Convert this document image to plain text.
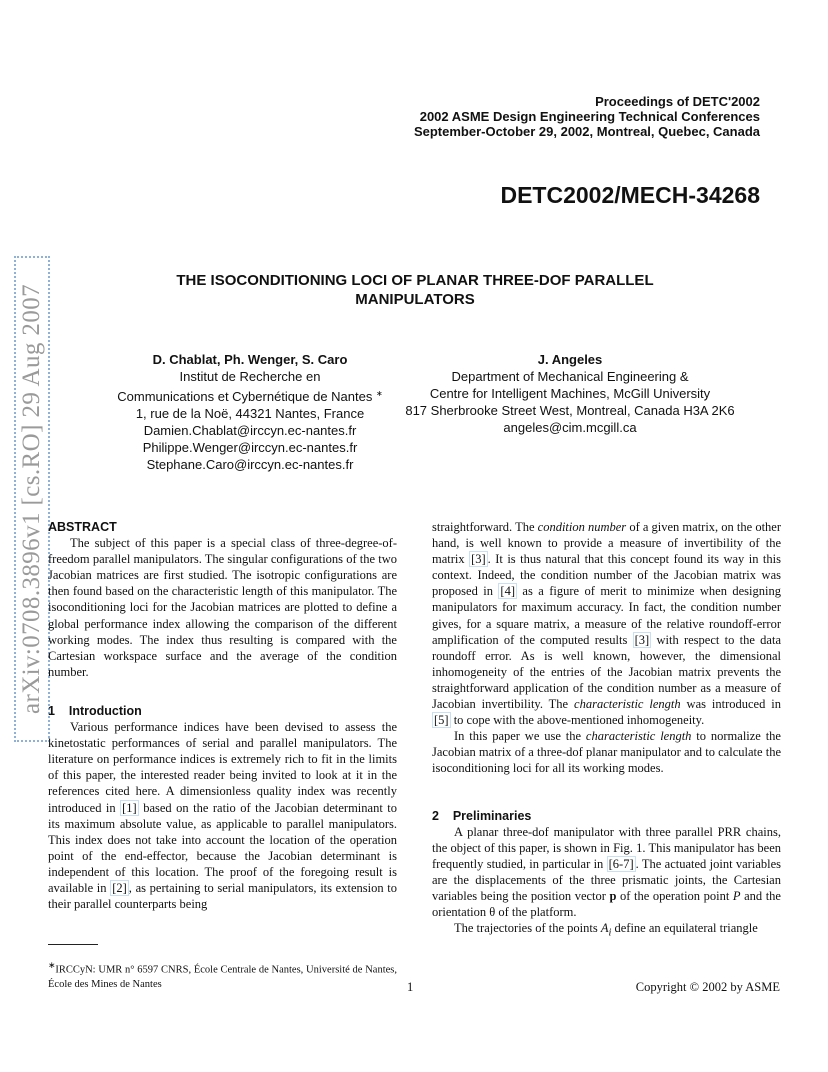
arXiv:0708.3896v1 [cs.RO] 29 Aug 2007
Proceedings of DETC'2002
2002 ASME Design Engineering Technical Conferences
September-October 29, 2002, Montreal, Quebec, Canada
DETC2002/MECH-34268
THE ISOCONDITIONING LOCI OF PLANAR THREE-DOF PARALLEL
MANIPULATORS
D. Chablat, Ph. Wenger, S. Caro
Institut de Recherche en
Communications et Cybernétique de Nantes ∗
1, rue de la Noë, 44321 Nantes, France
Damien.Chablat@irccyn.ec-nantes.fr
Philippe.Wenger@irccyn.ec-nantes.fr
Stephane.Caro@irccyn.ec-nantes.fr
J. Angeles
Department of Mechanical Engineering &
Centre for Intelligent Machines, McGill University
817 Sherbrooke Street West, Montreal, Canada H3A 2K6
angeles@cim.mcgill.ca
ABSTRACT

The subject of this paper is a special class of three-degree-of-freedom parallel manipulators. The singular configurations of the two Jacobian matrices are first studied. The isotropic configurations are then found based on the characteristic length of this manipulator. The isoconditioning loci for the Jacobian matrices are plotted to define a global performance index allowing the comparison of the different working modes. The index thus resulting is compared with the Cartesian workspace surface and the average of the condition number.

1    Introduction

Various performance indices have been devised to assess the kinetostatic performances of serial and parallel manipulators. The literature on performance indices is extremely rich to fit in the limits of this paper, the interested reader being invited to look at it in the references cited here. A dimensionless quality index was recently introduced in [1] based on the ratio of the Jacobian determinant to its maximum absolute value, as applicable to parallel manipulators. This index does not take into account the location of the operation point of the end-effector, because the Jacobian determinant is independent of this location. The proof of the foregoing result is available in [2] , as pertaining to serial manipulators, its extension to their parallel counterparts being

straightforward. The condition number of a given matrix, on the other hand, is well known to provide a measure of invertibility of the matrix [3] . It is thus natural that this concept found its way in this context. Indeed, the condition number of the Jacobian matrix was proposed in [4] as a figure of merit to minimize when designing manipulators for maximum accuracy. In fact, the condition number gives, for a square matrix, a measure of the relative roundoff-error amplification of the computed results [3] with respect to the data roundoff error. As is well known, however, the dimensional inhomogeneity of the entries of the Jacobian matrix prevents the straightforward application of the condition number as a measure of Jacobian invertibility. The characteristic length was introduced in [5] to cope with the above-mentioned inhomogeneity.

In this paper we use the characteristic length to normalize the Jacobian matrix of a three-dof planar manipulator and to calculate the isoconditioning loci for all its working modes.

2    Preliminaries

A planar three-dof manipulator with three parallel PRR chains, the object of this paper, is shown in Fig. 1. This manipulator has been frequently studied, in particular in [6-7] . The actuated joint variables are the displacements of the three prismatic joints, the Cartesian variables being the position vector p of the operation point P and the orientation θ of the platform.

The trajectories of the points $A_i$ define an equilateral triangle

∗IRCCyN: UMR n° 6597 CNRS, École Centrale de Nantes, Université de Nantes, École des Mines de Nantes	1	Copyright © 2002 by ASME
